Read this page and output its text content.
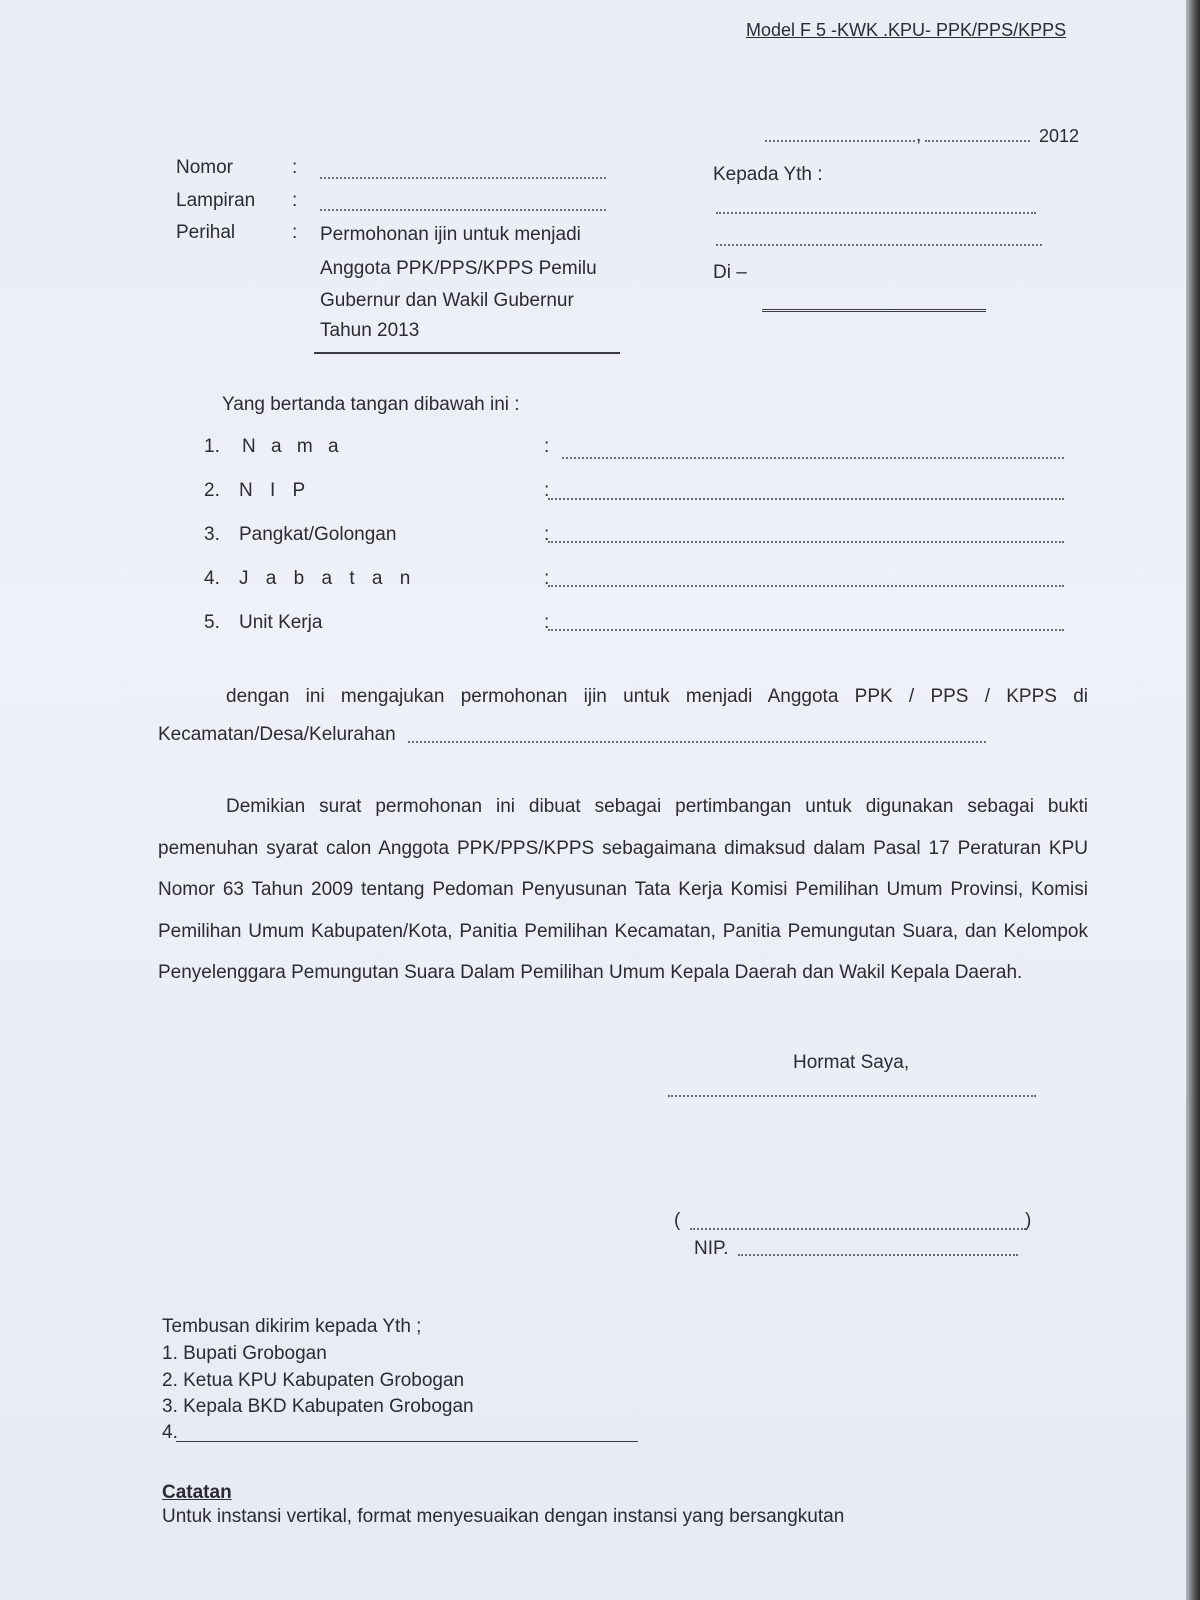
Model F 5 -KWK .KPU- PPK/PPS/KPPS
,	2012
Nomor	:
Lampiran :
Perihal	: Permohonan ijin untuk menjadi
Anggota PPK/PPS/KPPS Pemilu
Gubernur dan Wakil Gubernur
Tahun 2013
Kepada Yth :
Di –
Yang bertanda tangan dibawah ini :
1. N a m a	:
2. N I P	:
3. Pangkat/Golongan	:
4. J a b a t a n	:
5. Unit Kerja	:
dengan ini mengajukan permohonan ijin untuk menjadi Anggota PPK / PPS / KPPS di
Kecamatan/Desa/Kelurahan
Demikian surat permohonan ini dibuat sebagai pertimbangan untuk digunakan sebagai bukti pemenuhan syarat calon Anggota PPK/PPS/KPPS sebagaimana dimaksud dalam Pasal 17 Peraturan KPU Nomor 63 Tahun 2009 tentang Pedoman Penyusunan Tata Kerja Komisi Pemilihan Umum Provinsi, Komisi Pemilihan Umum Kabupaten/Kota, Panitia Pemilihan Kecamatan, Panitia Pemungutan Suara, dan Kelompok Penyelenggara Pemungutan Suara Dalam Pemilihan Umum Kepala Daerah dan Wakil Kepala Daerah.
Hormat Saya,
(	)
NIP.
Tembusan dikirim kepada Yth ;
1. Bupati Grobogan
2. Ketua KPU Kabupaten Grobogan
3. Kepala BKD Kabupaten Grobogan
4.
Catatan
Untuk instansi vertikal, format menyesuaikan dengan instansi yang bersangkutan
